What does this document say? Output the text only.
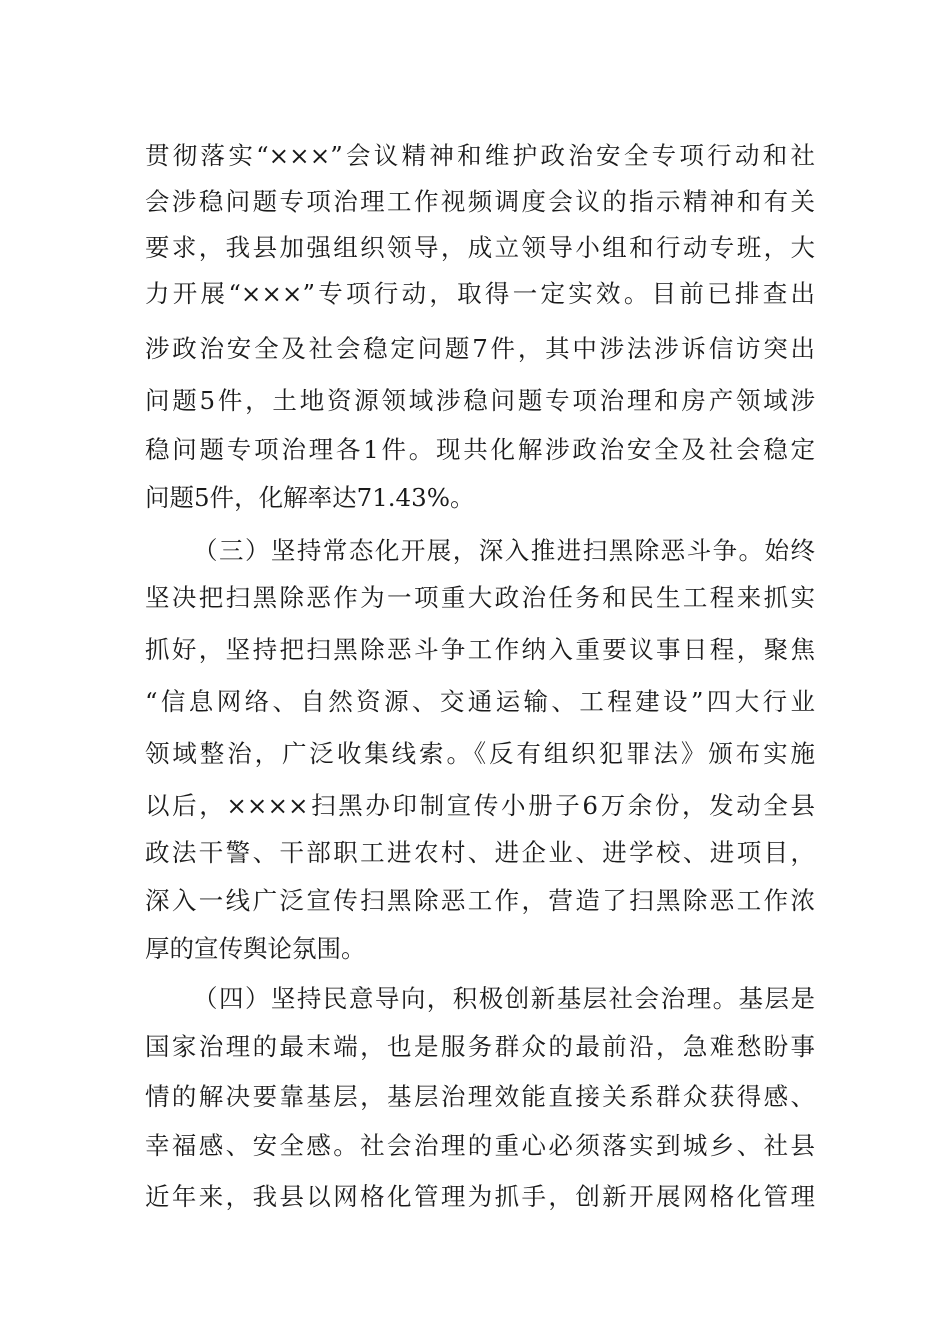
贯彻落实“×××”会议精神和维护政治安全专项行动和社
会涉稳问题专项治理工作视频调度会议的指示精神和有关
要求，我县加强组织领导，成立领导小组和行动专班，大
力开展“×××”专项行动，取得一定实效。目前已排查出
涉政治安全及社会稳定问题7件，其中涉法涉诉信访突出
问题5件，土地资源领域涉稳问题专项治理和房产领域涉
稳问题专项治理各1件。现共化解涉政治安全及社会稳定
问题5件，化解率达71.43%。
（三）坚持常态化开展，深入推进扫黑除恶斗争。始终
坚决把扫黑除恶作为一项重大政治任务和民生工程来抓实
抓好，坚持把扫黑除恶斗争工作纳入重要议事日程，聚焦
“信息网络、自然资源、交通运输、工程建设”四大行业
领域整治，广泛收集线索。《反有组织犯罪法》颁布实施
以后，××××扫黑办印制宣传小册子6万余份，发动全县
政法干警、干部职工进农村、进企业、进学校、进项目，
深入一线广泛宣传扫黑除恶工作，营造了扫黑除恶工作浓
厚的宣传舆论氛围。
（四）坚持民意导向，积极创新基层社会治理。基层是
国家治理的最末端，也是服务群众的最前沿，急难愁盼事
情的解决要靠基层，基层治理效能直接关系群众获得感、
幸福感、安全感。社会治理的重心必须落实到城乡、社县
近年来，我县以网格化管理为抓手，创新开展网格化管理
